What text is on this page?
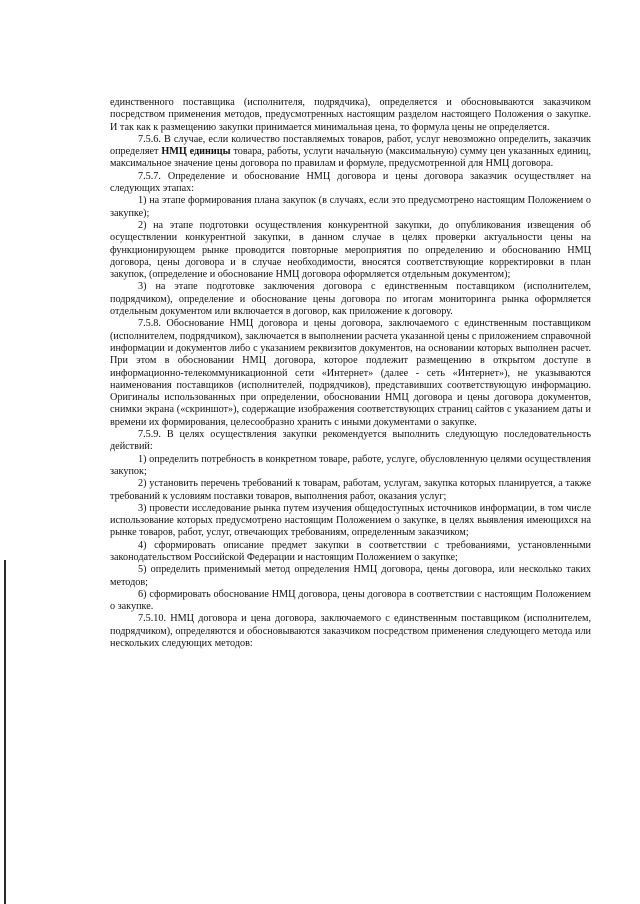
единственного поставщика (исполнителя, подрядчика), определяется и обосновываются заказчиком посредством применения методов, предусмотренных настоящим разделом настоящего Положения о закупке. И так как к размещению закупки принимается минимальная цена, то формула цены не определяется.

7.5.6. В случае, если количество поставляемых товаров, работ, услуг невозможно определить, заказчик определяет НМЦ единицы товара, работы, услуги начальную (максимальную) сумму цен указанных единиц, максимальное значение цены договора по правилам и формуле, предусмотренной для НМЦ договора.

7.5.7. Определение и обоснование НМЦ договора и цены договора заказчик осуществляет на следующих этапах:

1) на этапе формирования плана закупок (в случаях, если это предусмотрено настоящим Положением о закупке);

2) на этапе подготовки осуществления конкурентной закупки, до опубликования извещения об осуществлении конкурентной закупки, в данном случае в целях проверки актуальности цены на функционирующем рынке проводится повторные мероприятия по определению и обоснованию НМЦ договора, цены договора и в случае необходимости, вносятся соответствующие корректировки в план закупок, (определение и обоснование НМЦ договора оформляется отдельным документом);

3) на этапе подготовке заключения договора с единственным поставщиком (исполнителем, подрядчиком), определение и обоснование цены договора по итогам мониторинга рынка оформляется отдельным документом или включается в договор, как приложение к договору.

7.5.8. Обоснование НМЦ договора и цены договора, заключаемого с единственным поставщиком (исполнителем, подрядчиком), заключается в выполнении расчета указанной цены с приложением справочной информации и документов либо с указанием реквизитов документов, на основании которых выполнен расчет. При этом в обосновании НМЦ договора, которое подлежит размещению в открытом доступе в информационно-телекоммуникационной сети «Интернет» (далее - сеть «Интернет»), не указываются наименования поставщиков (исполнителей, подрядчиков), представивших соответствующую информацию. Оригиналы использованных при определении, обосновании НМЦ договора и цены договора документов, снимки экрана («скриншот»), содержащие изображения соответствующих страниц сайтов с указанием даты и времени их формирования, целесообразно хранить с иными документами о закупке.

7.5.9. В целях осуществления закупки рекомендуется выполнить следующую последовательность действий:

1) определить потребность в конкретном товаре, работе, услуге, обусловленную целями осуществления закупок;

2) установить перечень требований к товарам, работам, услугам, закупка которых планируется, а также требований к условиям поставки товаров, выполнения работ, оказания услуг;

3) провести исследование рынка путем изучения общедоступных источников информации, в том числе использование которых предусмотрено настоящим Положением о закупке, в целях выявления имеющихся на рынке товаров, работ, услуг, отвечающих требованиям, определенным заказчиком;

4) сформировать описание предмет закупки в соответствии с требованиями, установленными законодательством Российской Федерации и настоящим Положением о закупке;

5) определить применимый метод определения НМЦ договора, цены договора, или несколько таких методов;

6) сформировать обоснование НМЦ договора, цены договора в соответствии с настоящим Положением о закупке.

7.5.10. НМЦ договора и цена договора, заключаемого с единственным поставщиком (исполнителем, подрядчиком), определяются и обосновываются заказчиком посредством применения следующего метода или нескольких следующих методов:
